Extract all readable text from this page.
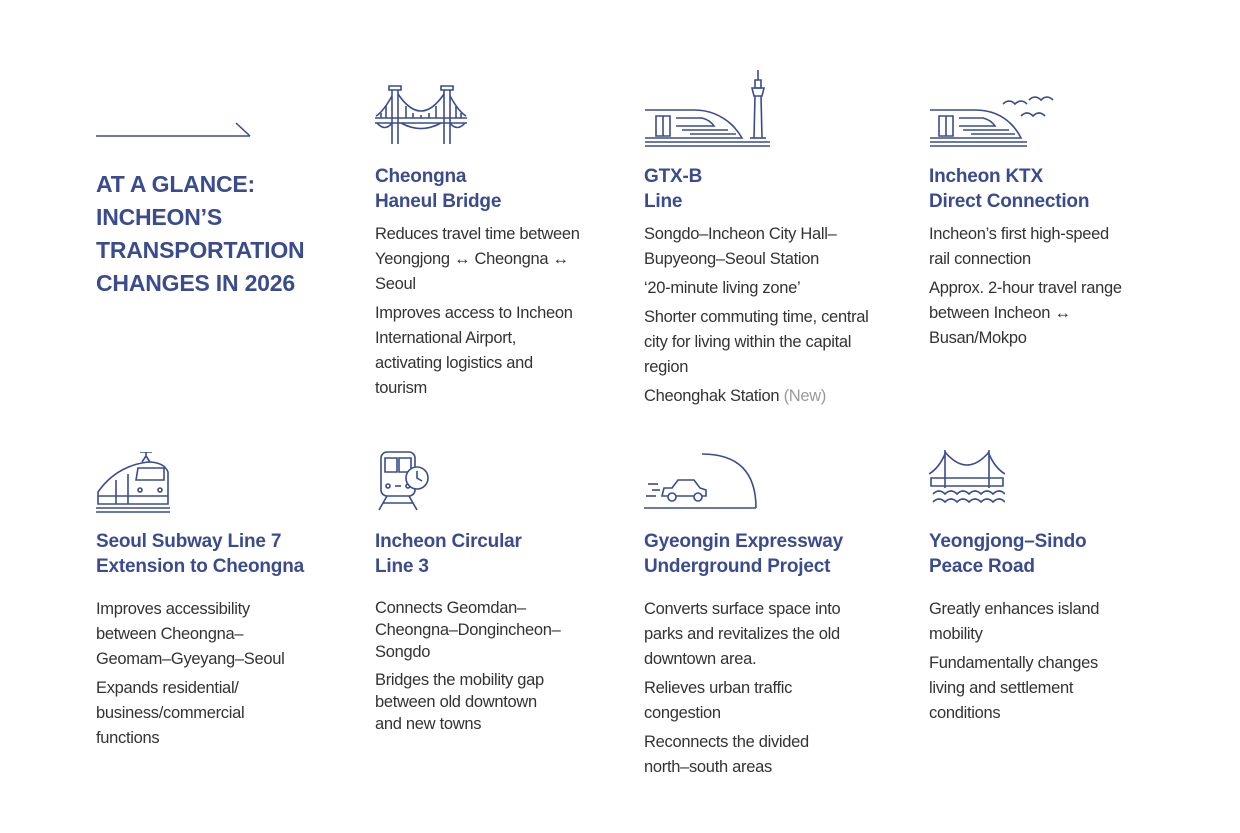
AT A GLANCE:
INCHEON’S
TRANSPORTATION
CHANGES IN 2026
Cheongna
Haneul Bridge
Reduces travel time between Yeongjong ↔ Cheongna ↔ Seoul
Improves access to Incheon International Airport, activating logistics and tourism
GTX-B
Line
Songdo–Incheon City Hall–Bupyeong–Seoul Station
‘20-minute living zone’
Shorter commuting time, central city for living within the capital region
Cheonghak Station (New)
Incheon KTX
Direct Connection
Incheon’s first high-speed rail connection
Approx. 2-hour travel range between Incheon ↔ Busan/Mokpo
Seoul Subway Line 7
Extension to Cheongna
Improves accessibility between Cheongna–Geomam–Gyeyang–Seoul
Expands residential/ business/commercial functions
Incheon Circular
Line 3
Connects Geomdan–Cheongna–Dongincheon–Songdo
Bridges the mobility gap between old downtown and new towns
Gyeongin Expressway
Underground Project
Converts surface space into parks and revitalizes the old downtown area.
Relieves urban traffic congestion
Reconnects the divided north–south areas
Yeongjong–Sindo
Peace Road
Greatly enhances island mobility
Fundamentally changes living and settlement conditions
